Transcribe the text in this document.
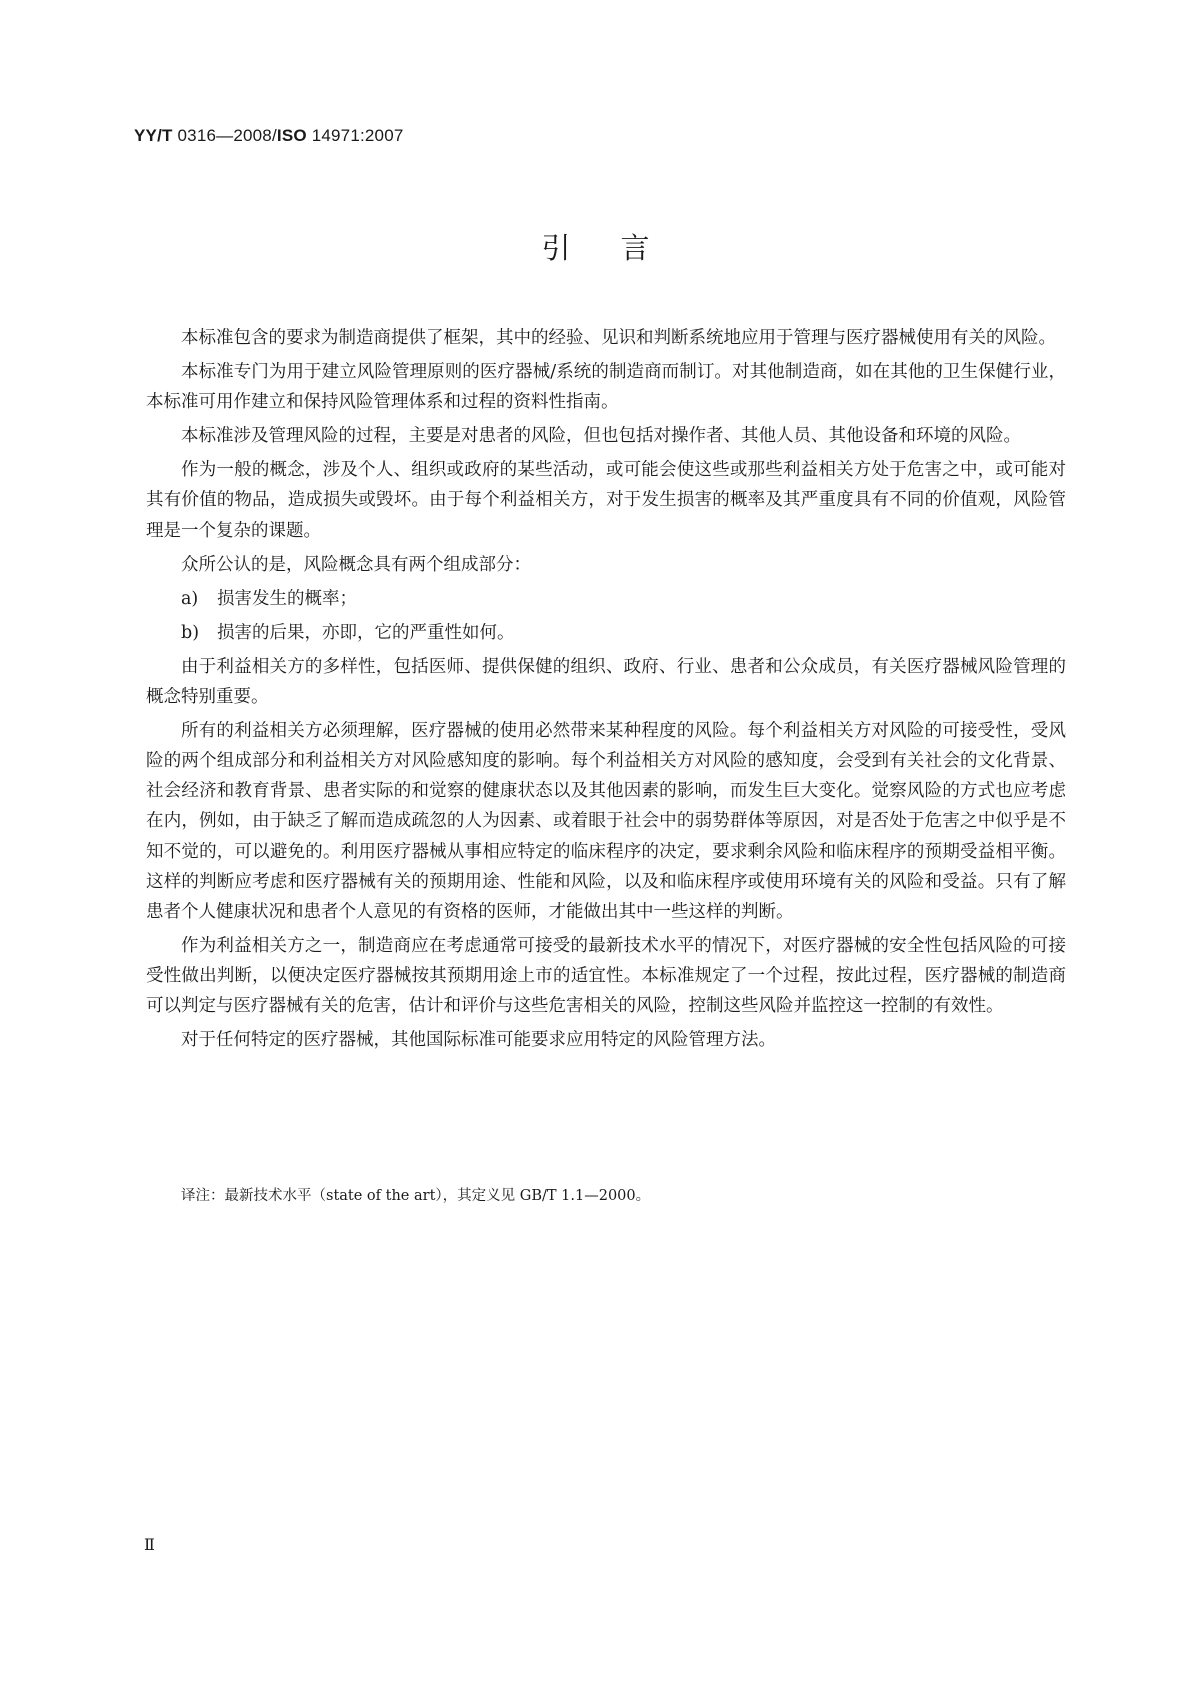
YY/T 0316—2008/ISO 14971:2007
引言

本标准包含的要求为制造商提供了框架，其中的经验、见识和判断系统地应用于管理与医疗器械使用有关的风险。

本标准专门为用于建立风险管理原则的医疗器械/系统的制造商而制订。对其他制造商，如在其他的卫生保健行业，本标准可用作建立和保持风险管理体系和过程的资料性指南。

本标准涉及管理风险的过程，主要是对患者的风险，但也包括对操作者、其他人员、其他设备和环境的风险。

作为一般的概念，涉及个人、组织或政府的某些活动，或可能会使这些或那些利益相关方处于危害之中，或可能对其有价值的物品，造成损失或毁坏。由于每个利益相关方，对于发生损害的概率及其严重度具有不同的价值观，风险管理是一个复杂的课题。

众所公认的是，风险概念具有两个组成部分：

a) 损害发生的概率；

b) 损害的后果，亦即，它的严重性如何。

由于利益相关方的多样性，包括医师、提供保健的组织、政府、行业、患者和公众成员，有关医疗器械风险管理的概念特别重要。

所有的利益相关方必须理解，医疗器械的使用必然带来某种程度的风险。每个利益相关方对风险的可接受性，受风险的两个组成部分和利益相关方对风险感知度的影响。每个利益相关方对风险的感知度，会受到有关社会的文化背景、社会经济和教育背景、患者实际的和觉察的健康状态以及其他因素的影响，而发生巨大变化。觉察风险的方式也应考虑在内，例如，由于缺乏了解而造成疏忽的人为因素、或着眼于社会中的弱势群体等原因，对是否处于危害之中似乎是不知不觉的，可以避免的。利用医疗器械从事相应特定的临床程序的决定，要求剩余风险和临床程序的预期受益相平衡。这样的判断应考虑和医疗器械有关的预期用途、性能和风险，以及和临床程序或使用环境有关的风险和受益。只有了解患者个人健康状况和患者个人意见的有资格的医师，才能做出其中一些这样的判断。

作为利益相关方之一，制造商应在考虑通常可接受的最新技术水平的情况下，对医疗器械的安全性包括风险的可接受性做出判断，以便决定医疗器械按其预期用途上市的适宜性。本标准规定了一个过程，按此过程，医疗器械的制造商可以判定与医疗器械有关的危害，估计和评价与这些危害相关的风险，控制这些风险并监控这一控制的有效性。

对于任何特定的医疗器械，其他国际标准可能要求应用特定的风险管理方法。

译注：最新技术水平（state of the art），其定义见 GB/T 1.1—2000。
Ⅱ
